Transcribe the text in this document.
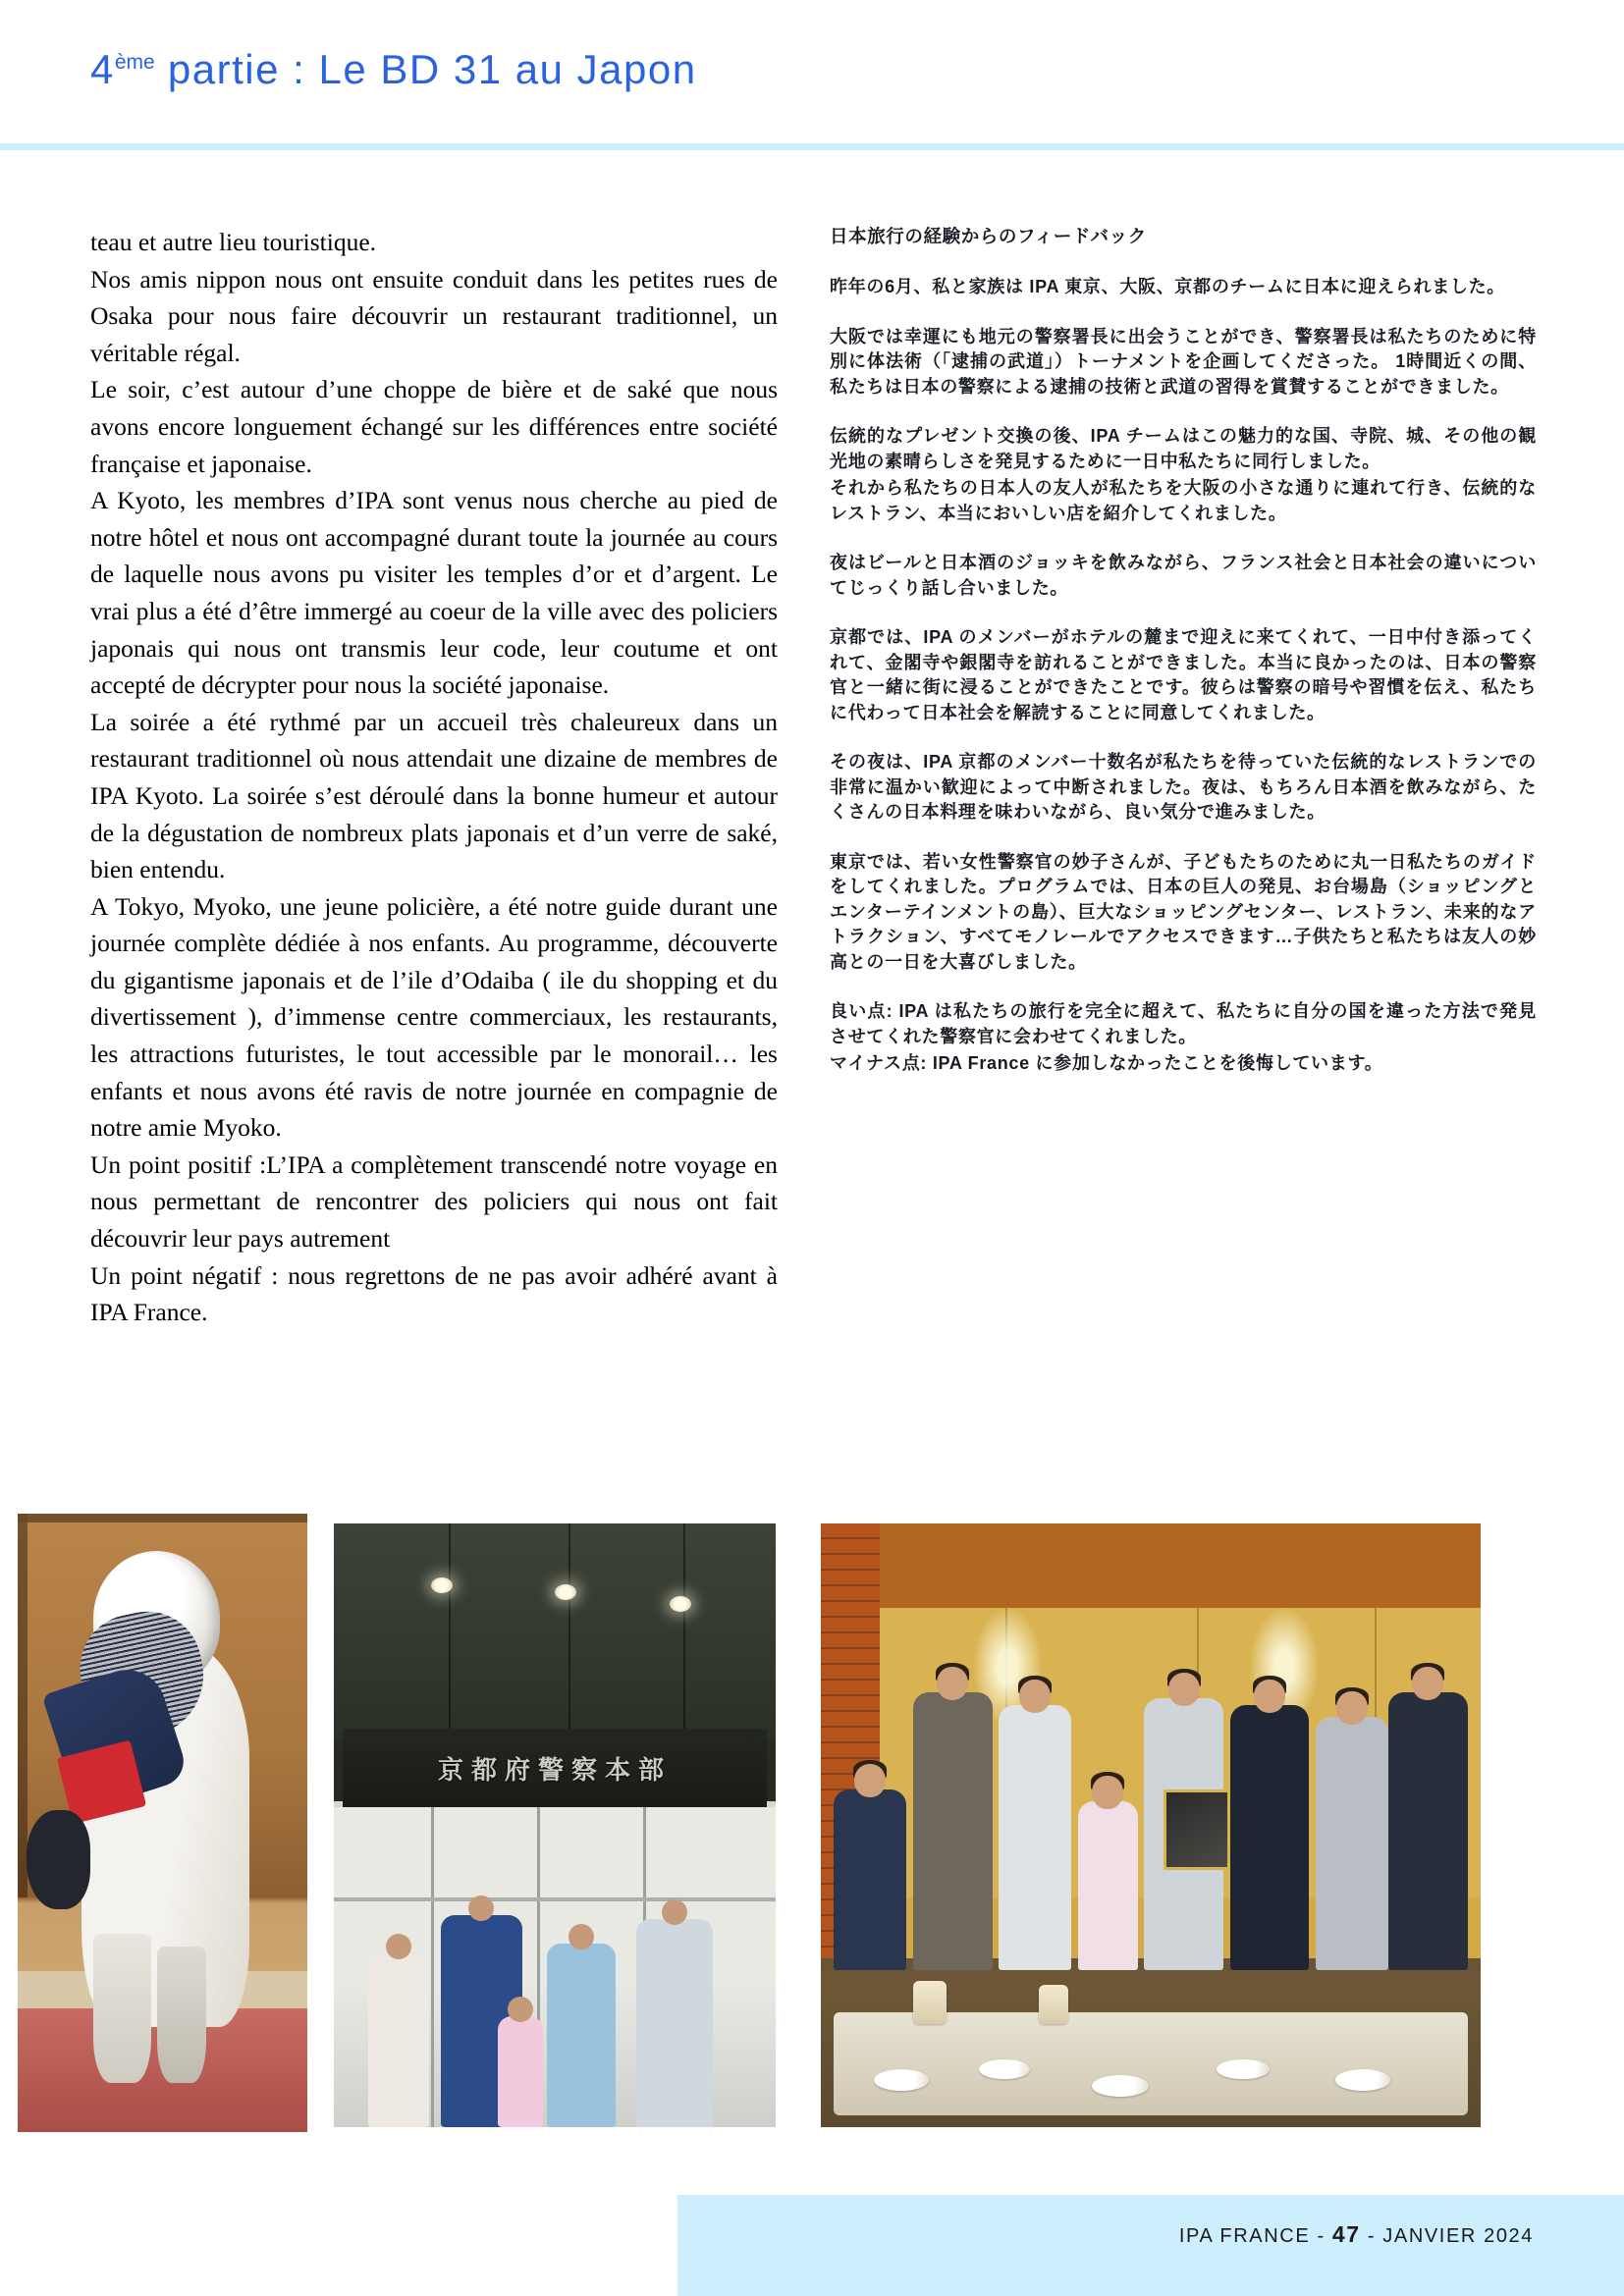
4ème partie : Le BD 31 au Japon

teau et autre lieu touristique.

Nos amis nippon nous ont ensuite conduit dans les petites rues de Osaka pour nous faire découvrir un restaurant traditionnel, un véritable régal.

Le soir, c’est autour d’une choppe de bière et de saké que nous avons encore longuement échangé sur les différences entre société française et japonaise.

A Kyoto, les membres d’IPA sont venus nous cherche au pied de notre hôtel et nous ont accompagné durant toute la journée au cours de laquelle nous avons pu visiter les temples d’or et d’argent. Le vrai plus a été d’être immergé au coeur de la ville avec des policiers japonais qui nous ont transmis leur code, leur coutume et ont accepté de décrypter pour nous la société japonaise.

La soirée a été rythmé par un accueil très chaleureux dans un restaurant traditionnel où nous attendait une dizaine de membres de IPA Kyoto. La soirée s’est déroulé dans la bonne humeur et autour de la dégustation de nombreux plats japonais et d’un verre de saké, bien entendu.

A Tokyo, Myoko, une jeune policière, a été notre guide durant une journée complète dédiée à nos enfants. Au programme, découverte du gigantisme japonais et de l’ile d’Odaiba ( ile du shopping et du divertissement ), d’immense centre commerciaux, les restaurants, les attractions futuristes, le tout accessible par le monorail… les enfants et nous avons été ravis de notre journée en compagnie de notre amie Myoko.

Un point positif :L’IPA a complètement transcendé notre voyage en nous permettant de rencontrer des policiers qui nous ont fait découvrir leur pays autrement

Un point négatif : nous regrettons de ne pas avoir adhéré avant à IPA France.

日本旅行の経験からのフィードバック

昨年の6月、私と家族は IPA 東京、大阪、京都のチームに日本に迎えられました。

大阪では幸運にも地元の警察署長に出会うことができ、警察署長は私たちのために特別に体法術（「逮捕の武道」）トーナメントを企画してくださった。 1時間近くの間、私たちは日本の警察による逮捕の技術と武道の習得を賞賛することができました。

伝統的なプレゼント交換の後、IPA チームはこの魅力的な国、寺院、城、その他の観光地の素晴らしさを発見するために一日中私たちに同行しました。

それから私たちの日本人の友人が私たちを大阪の小さな通りに連れて行き、伝統的なレストラン、本当においしい店を紹介してくれました。

夜はビールと日本酒のジョッキを飲みながら、フランス社会と日本社会の違いについてじっくり話し合いました。

京都では、IPA のメンバーがホテルの麓まで迎えに来てくれて、一日中付き添ってくれて、金閣寺や銀閣寺を訪れることができました。本当に良かったのは、日本の警察官と一緒に街に浸ることができたことです。彼らは警察の暗号や習慣を伝え、私たちに代わって日本社会を解読することに同意してくれました。

その夜は、IPA 京都のメンバー十数名が私たちを待っていた伝統的なレストランでの非常に温かい歓迎によって中断されました。夜は、もちろん日本酒を飲みながら、たくさんの日本料理を味わいながら、良い気分で進みました。

東京では、若い女性警察官の妙子さんが、子どもたちのために丸一日私たちのガイドをしてくれました。プログラムでは、日本の巨人の発見、お台場島（ショッピングとエンターテインメントの島）、巨大なショッピングセンター、レストラン、未来的なアトラクション、すべてモノレールでアクセスできます…子供たちと私たちは友人の妙高との一日を大喜びしました。

良い点: IPA は私たちの旅行を完全に超えて、私たちに自分の国を違った方法で発見させてくれた警察官に会わせてくれました。

マイナス点: IPA France に参加しなかったことを後悔しています。

京都府警察本部
IPA FRANCE - 47 - JANVIER 2024
